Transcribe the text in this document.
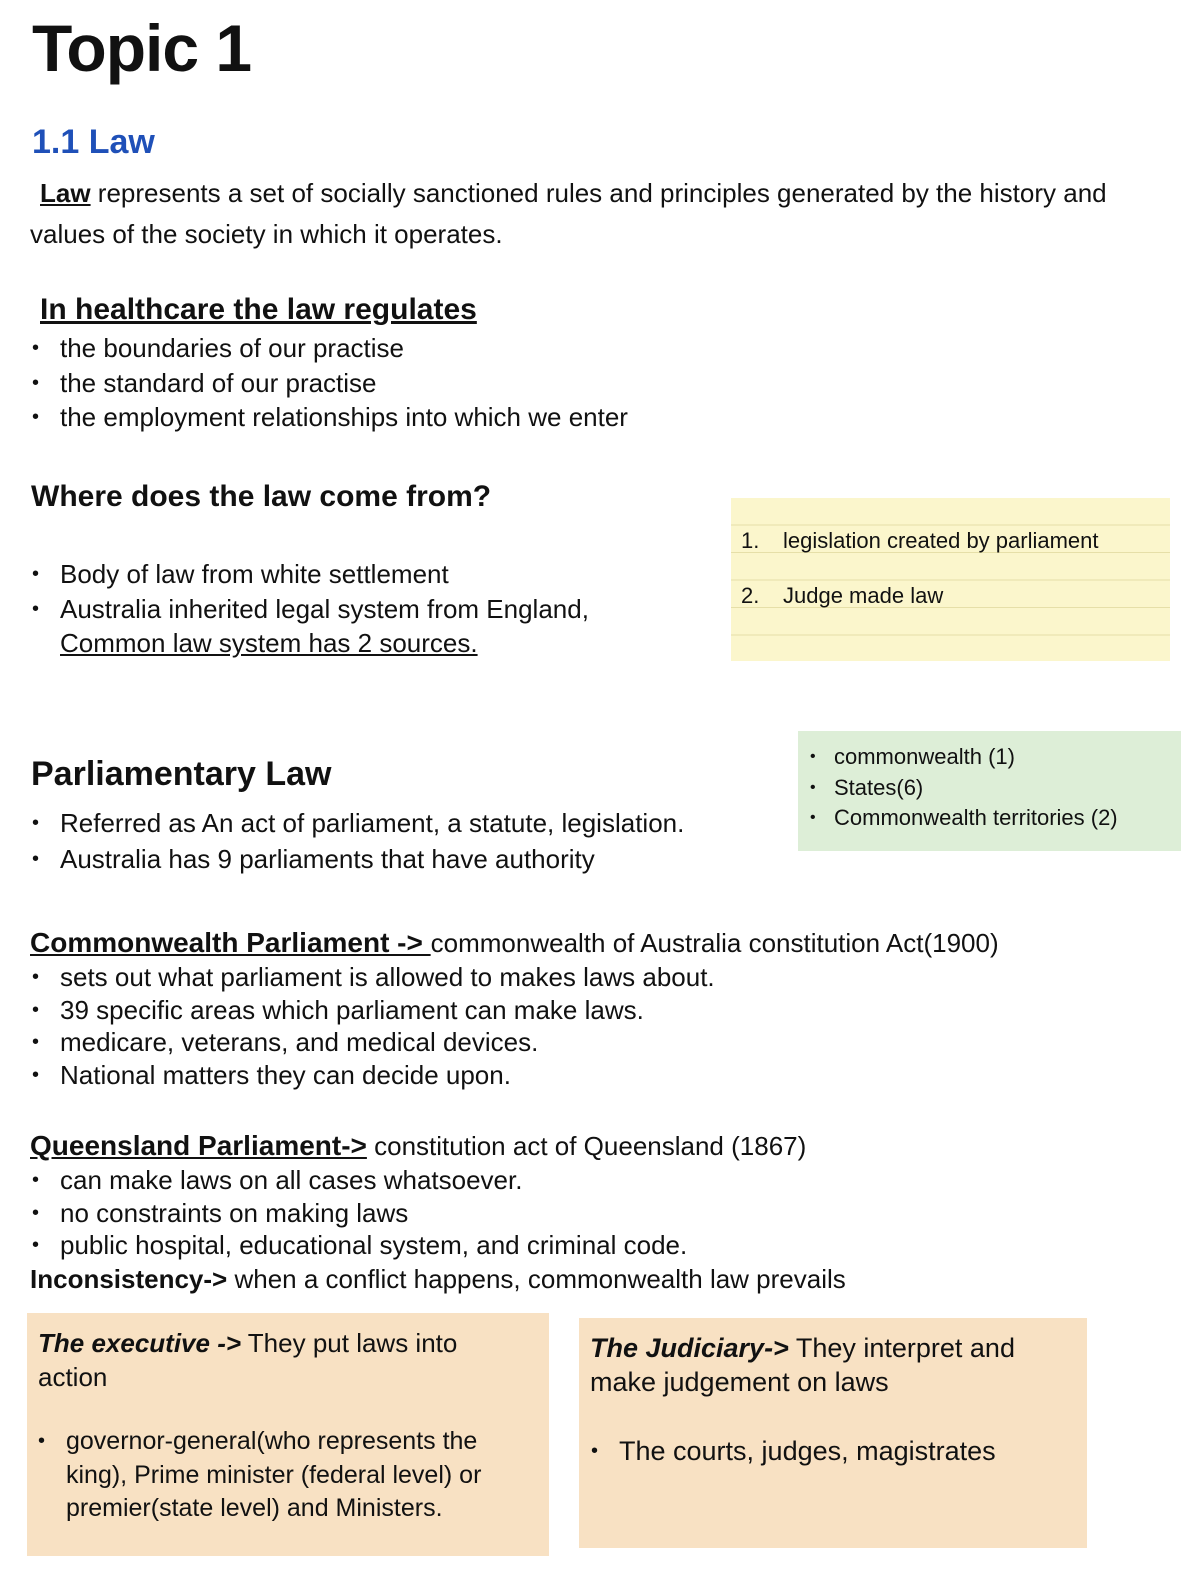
Topic 1
1.1 Law
Law represents a set of socially sanctioned rules and principles generated by the history and values of the society in which it operates.
In healthcare the law regulates
• the boundaries of our practise
• the standard of our practise
• the employment relationships into which we enter
Where does the law come from?
• Body of law from white settlement
• Australia inherited legal system from England,
Common law system has 2 sources.
1. legislation created by parliament
2. Judge made law
Parliamentary Law
• Referred as An act of parliament, a statute, legislation.
• Australia has 9 parliaments that have authority
• commonwealth (1)
• States(6)
• Commonwealth territories (2)
Commonwealth Parliament -> commonwealth of Australia constitution Act(1900)
• sets out what parliament is allowed to makes laws about.
• 39 specific areas which parliament can make laws.
• medicare, veterans, and medical devices.
• National matters they can decide upon.
Queensland Parliament-> constitution act of Queensland (1867)
• can make laws on all cases whatsoever.
• no constraints on making laws
• public hospital, educational system, and criminal code.
Inconsistency-> when a conflict happens, commonwealth law prevails
The executive -> They put laws into action
• governor-general(who represents the king), Prime minister (federal level) or premier(state level) and Ministers.
The Judiciary-> They interpret and make judgement on laws
• The courts, judges, magistrates
